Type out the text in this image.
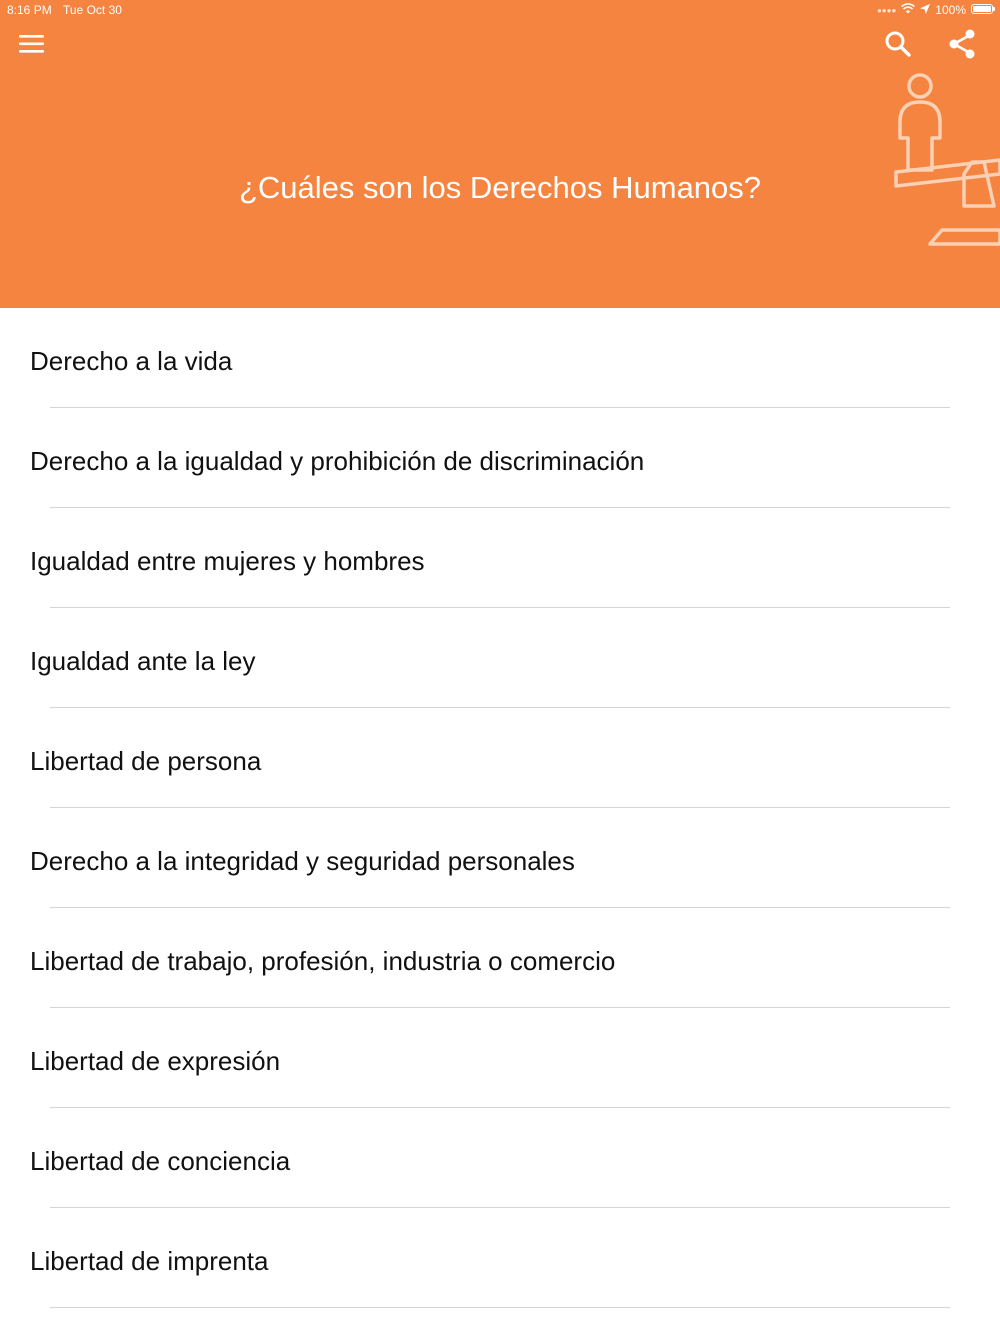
8:16 PM Tue Oct 30	●●●●	100%
¿Cuáles son los Derechos Humanos?
Derecho a la vida
Derecho a la igualdad y prohibición de discriminación
Igualdad entre mujeres y hombres
Igualdad ante la ley
Libertad de persona
Derecho a la integridad y seguridad personales
Libertad de trabajo, profesión, industria o comercio
Libertad de expresión
Libertad de conciencia
Libertad de imprenta
